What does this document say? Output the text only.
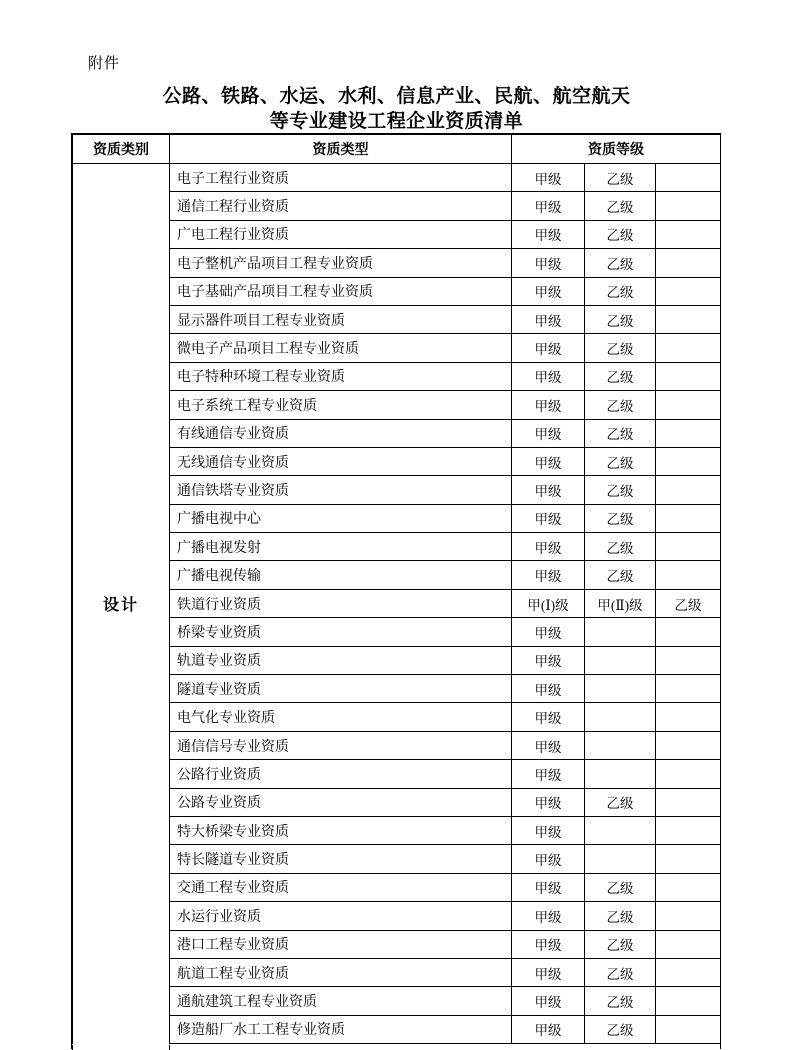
附件
公路、铁路、水运、水利、信息产业、民航、航空航天
等专业建设工程企业资质清单
资质类别	资质类型	资质等级		
设计	电子工程行业资质	甲级	乙级	
	通信工程行业资质	甲级	乙级	
	广电工程行业资质	甲级	乙级	
	电子整机产品项目工程专业资质	甲级	乙级	
	电子基础产品项目工程专业资质	甲级	乙级	
	显示器件项目工程专业资质	甲级	乙级	
	微电子产品项目工程专业资质	甲级	乙级	
	电子特种环境工程专业资质	甲级	乙级	
	电子系统工程专业资质	甲级	乙级	
	有线通信专业资质	甲级	乙级	
	无线通信专业资质	甲级	乙级	
	通信铁塔专业资质	甲级	乙级	
	广播电视中心	甲级	乙级	
	广播电视发射	甲级	乙级	
	广播电视传输	甲级	乙级	
	铁道行业资质	甲(Ⅰ)级	甲(Ⅱ)级	乙级
	桥梁专业资质	甲级		
	轨道专业资质	甲级		
	隧道专业资质	甲级		
	电气化专业资质	甲级		
	通信信号专业资质	甲级		
	公路行业资质	甲级		
	公路专业资质	甲级	乙级	
	特大桥梁专业资质	甲级		
	特长隧道专业资质	甲级		
	交通工程专业资质	甲级	乙级	
	水运行业资质	甲级	乙级	
	港口工程专业资质	甲级	乙级	
	航道工程专业资质	甲级	乙级	
	通航建筑工程专业资质	甲级	乙级	
	修造船厂水工工程专业资质	甲级	乙级	
